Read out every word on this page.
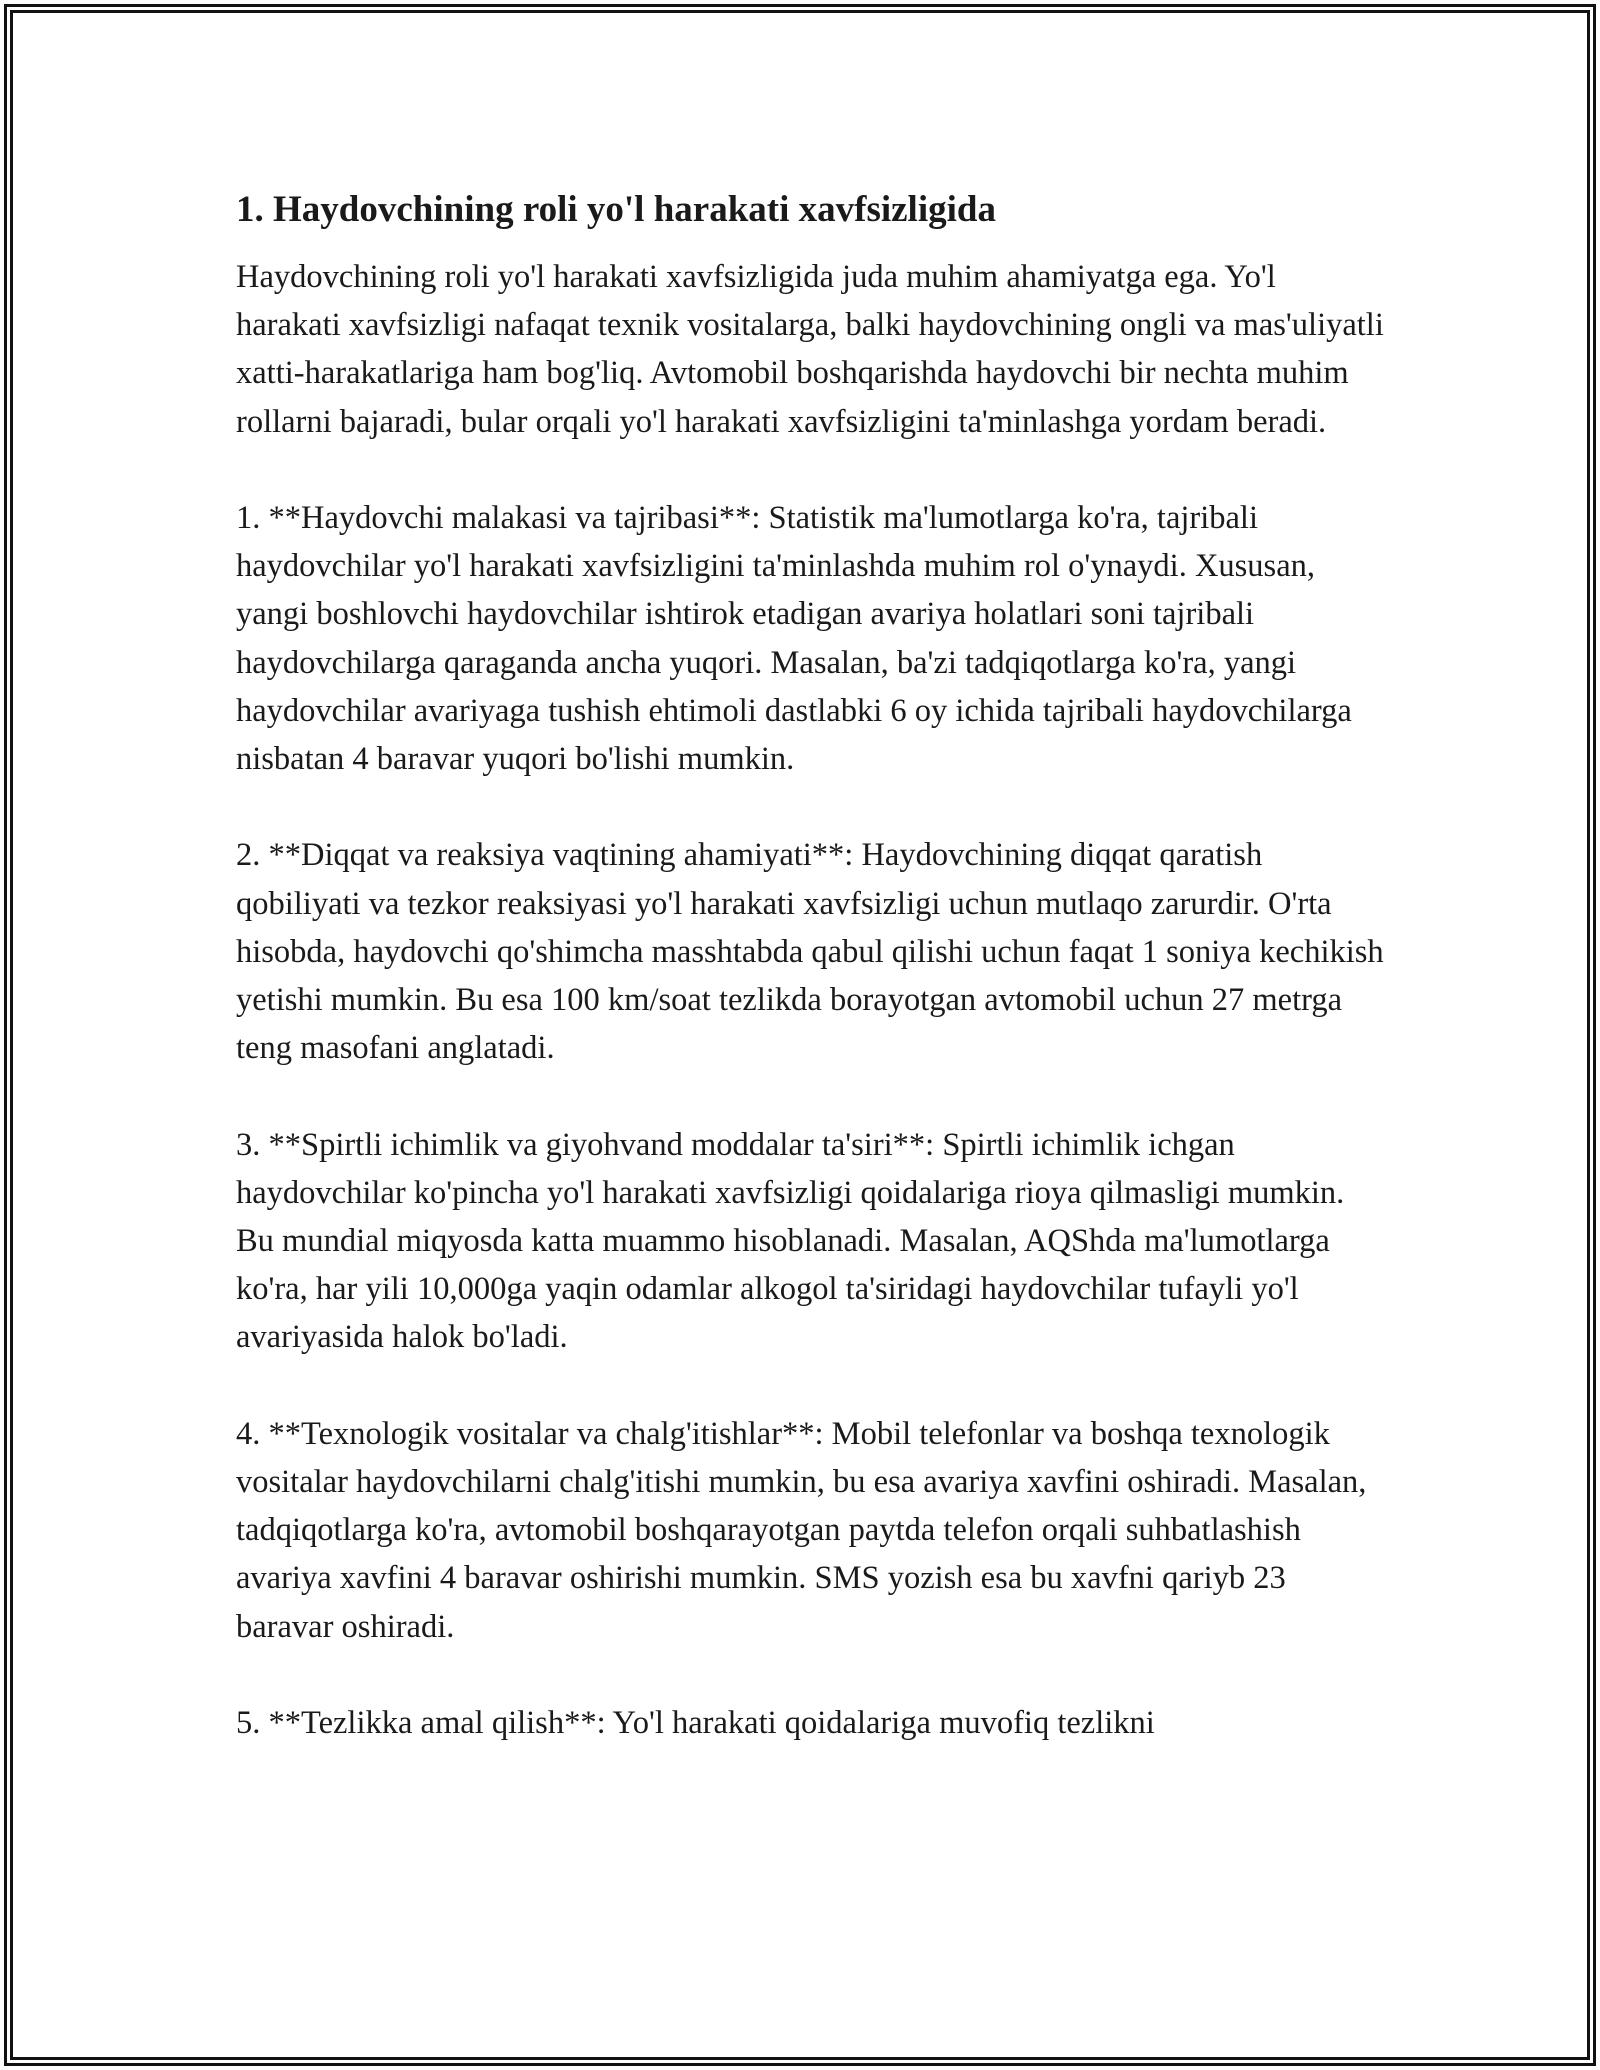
1. Haydovchining roli yo'l harakati xavfsizligida

Haydovchining roli yo'l harakati xavfsizligida juda muhim ahamiyatga ega. Yo'l harakati xavfsizligi nafaqat texnik vositalarga, balki haydovchining ongli va mas'uliyatli xatti-harakatlariga ham bog'liq. Avtomobil boshqarishda haydovchi bir nechta muhim rollarni bajaradi, bular orqali yo'l harakati xavfsizligini ta'minlashga yordam beradi.

1. **Haydovchi malakasi va tajribasi**: Statistik ma'lumotlarga ko'ra, tajribali haydovchilar yo'l harakati xavfsizligini ta'minlashda muhim rol o'ynaydi. Xususan, yangi boshlovchi haydovchilar ishtirok etadigan avariya holatlari soni tajribali haydovchilarga qaraganda ancha yuqori. Masalan, ba'zi tadqiqotlarga ko'ra, yangi haydovchilar avariyaga tushish ehtimoli dastlabki 6 oy ichida tajribali haydovchilarga nisbatan 4 baravar yuqori bo'lishi mumkin.

2. **Diqqat va reaksiya vaqtining ahamiyati**: Haydovchining diqqat qaratish qobiliyati va tezkor reaksiyasi yo'l harakati xavfsizligi uchun mutlaqo zarurdir. O'rta hisobda, haydovchi qo'shimcha masshtabda qabul qilishi uchun faqat 1 soniya kechikish yetishi mumkin. Bu esa 100 km/soat tezlikda borayotgan avtomobil uchun 27 metrga teng masofani anglatadi.

3. **Spirtli ichimlik va giyohvand moddalar ta'siri**: Spirtli ichimlik ichgan haydovchilar ko'pincha yo'l harakati xavfsizligi qoidalariga rioya qilmasligi mumkin. Bu mundial miqyosda katta muammo hisoblanadi. Masalan, AQShda ma'lumotlarga ko'ra, har yili 10,000ga yaqin odamlar alkogol ta'siridagi haydovchilar tufayli yo'l avariyasida halok bo'ladi.

4. **Texnologik vositalar va chalg'itishlar**: Mobil telefonlar va boshqa texnologik vositalar haydovchilarni chalg'itishi mumkin, bu esa avariya xavfini oshiradi. Masalan, tadqiqotlarga ko'ra, avtomobil boshqarayotgan paytda telefon orqali suhbatlashish avariya xavfini 4 baravar oshirishi mumkin. SMS yozish esa bu xavfni qariyb 23 baravar oshiradi.

5. **Tezlikka amal qilish**: Yo'l harakati qoidalariga muvofiq tezlikni
